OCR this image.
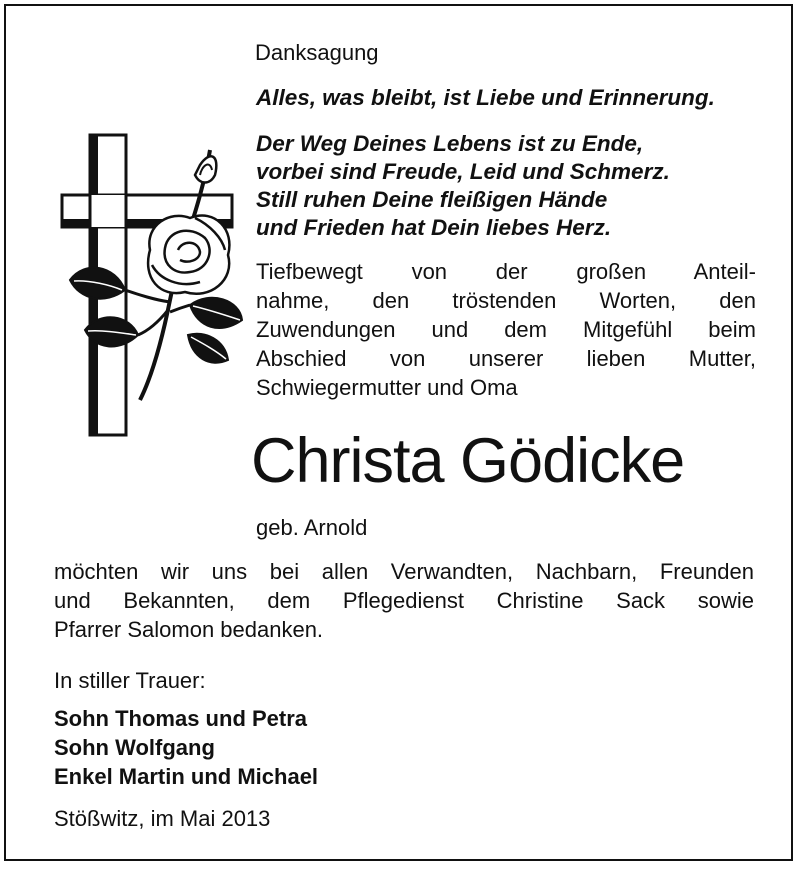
Danksagung
Alles, was bleibt, ist Liebe und Erinnerung.
Der Weg Deines Lebens ist zu Ende,
vorbei sind Freude, Leid und Schmerz.
Still ruhen Deine fleißigen Hände
und Frieden hat Dein liebes Herz.
Tiefbewegt von der großen Anteil-
nahme, den tröstenden Worten, den
Zuwendungen und dem Mitgefühl beim
Abschied von unserer lieben Mutter,
Schwiegermutter und Oma
Christa Gödicke
geb. Arnold
möchten wir uns bei allen Verwandten, Nachbarn, Freunden
und Bekannten, dem Pflegedienst Christine Sack sowie
Pfarrer Salomon bedanken.
In stiller Trauer:
Sohn Thomas und Petra
Sohn Wolfgang
Enkel Martin und Michael
Stößwitz, im Mai 2013
